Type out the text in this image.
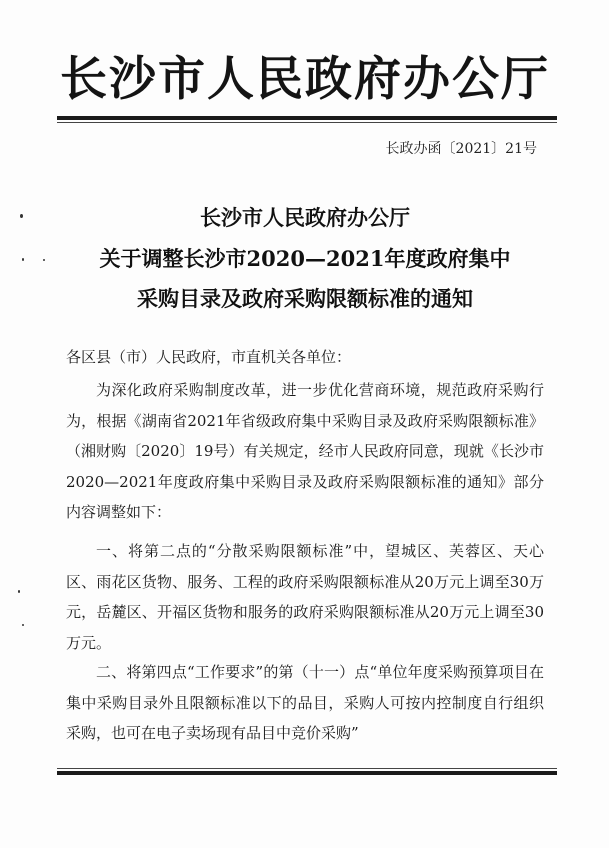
长沙市人民政府办公厅
长政办函〔2021〕21号
长沙市人民政府办公厅
关于调整长沙市2020—2021年度政府集中
采购目录及政府采购限额标准的通知
各区县（市）人民政府，市直机关各单位：
为深化政府采购制度改革，进一步优化营商环境，规范政府采购行为，根据《湖南省2021年省级政府集中采购目录及政府采购限额标准》（湘财购〔2020〕19号）有关规定，经市人民政府同意，现就《长沙市2020—2021年度政府集中采购目录及政府采购限额标准的通知》部分内容调整如下：
一、将第二点的“分散采购限额标准”中，望城区、芙蓉区、天心区、雨花区货物、服务、工程的政府采购限额标准从20万元上调至30万元，岳麓区、开福区货物和服务的政府采购限额标准从20万元上调至30万元。
二、将第四点“工作要求”的第（十一）点“单位年度采购预算项目在集中采购目录外且限额标准以下的品目，采购人可按内控制度自行组织采购，也可在电子卖场现有品目中竞价采购”
